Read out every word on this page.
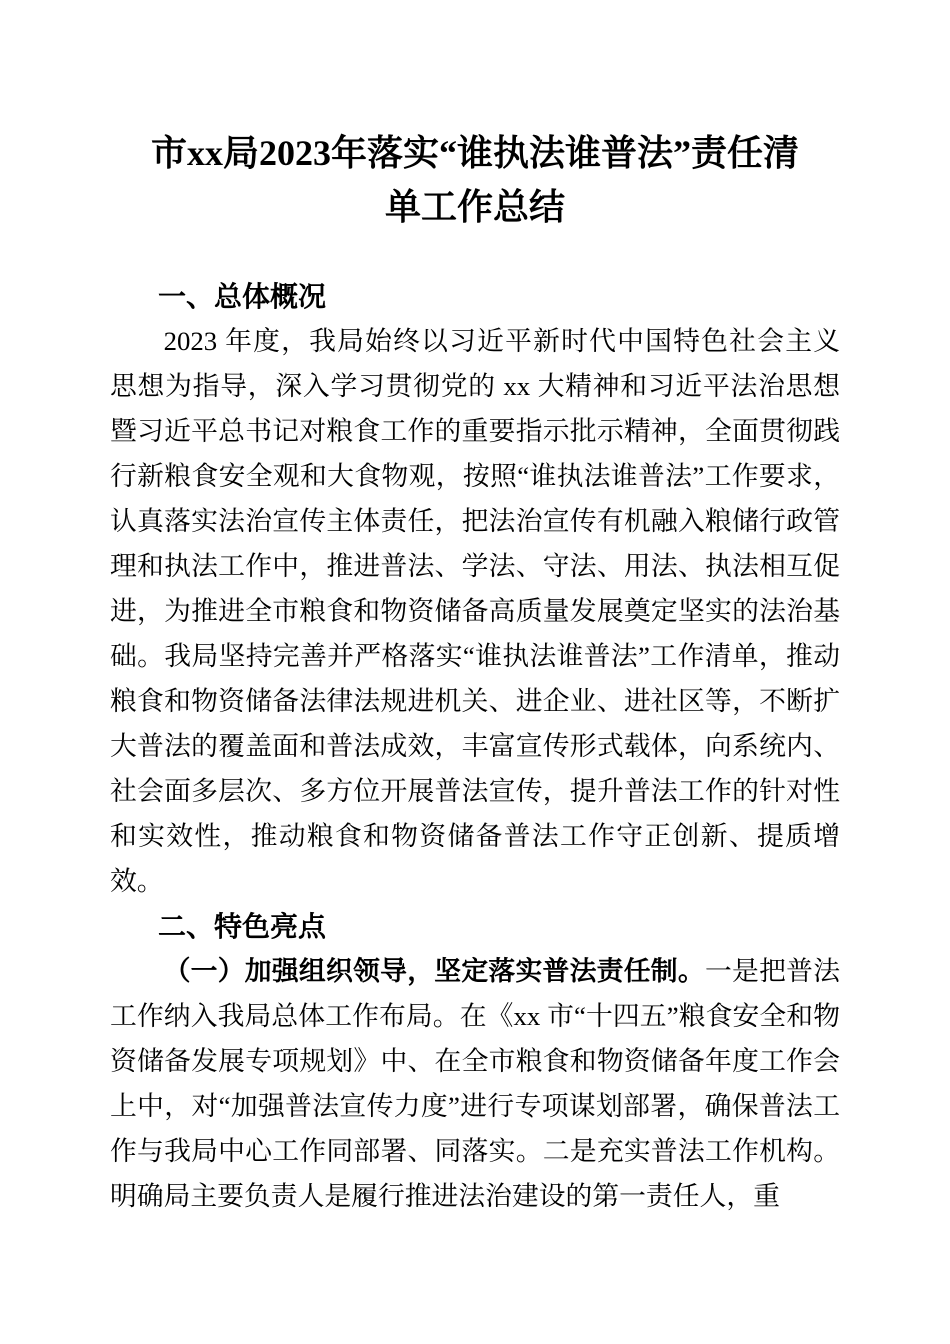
市xx局2023年落实“谁执法谁普法”责任清
单工作总结
一、总体概况

2023 年度，我局始终以习近平新时代中国特色社会主义思想为指导，深入学习贯彻党的 xx 大精神和习近平法治思想暨习近平总书记对粮食工作的重要指示批示精神，全面贯彻践行新粮食安全观和大食物观，按照“谁执法谁普法”工作要求，认真落实法治宣传主体责任，把法治宣传有机融入粮储行政管理和执法工作中，推进普法、学法、守法、用法、执法相互促进，为推进全市粮食和物资储备高质量发展奠定坚实的法治基础。我局坚持完善并严格落实“谁执法谁普法”工作清单，推动粮食和物资储备法律法规进机关、进企业、进社区等，不断扩大普法的覆盖面和普法成效，丰富宣传形式载体，向系统内、社会面多层次、多方位开展普法宣传，提升普法工作的针对性和实效性，推动粮食和物资储备普法工作守正创新、提质增效。

二、特色亮点

（一）加强组织领导，坚定落实普法责任制。一是把普法工作纳入我局总体工作布局。在《xx 市“十四五”粮食安全和物资储备发展专项规划》中、在全市粮食和物资储备年度工作会上中，对“加强普法宣传力度”进行专项谋划部署，确保普法工作与我局中心工作同部署、同落实。二是充实普法工作机构。明确局主要负责人是履行推进法治建设的第一责任人，重
